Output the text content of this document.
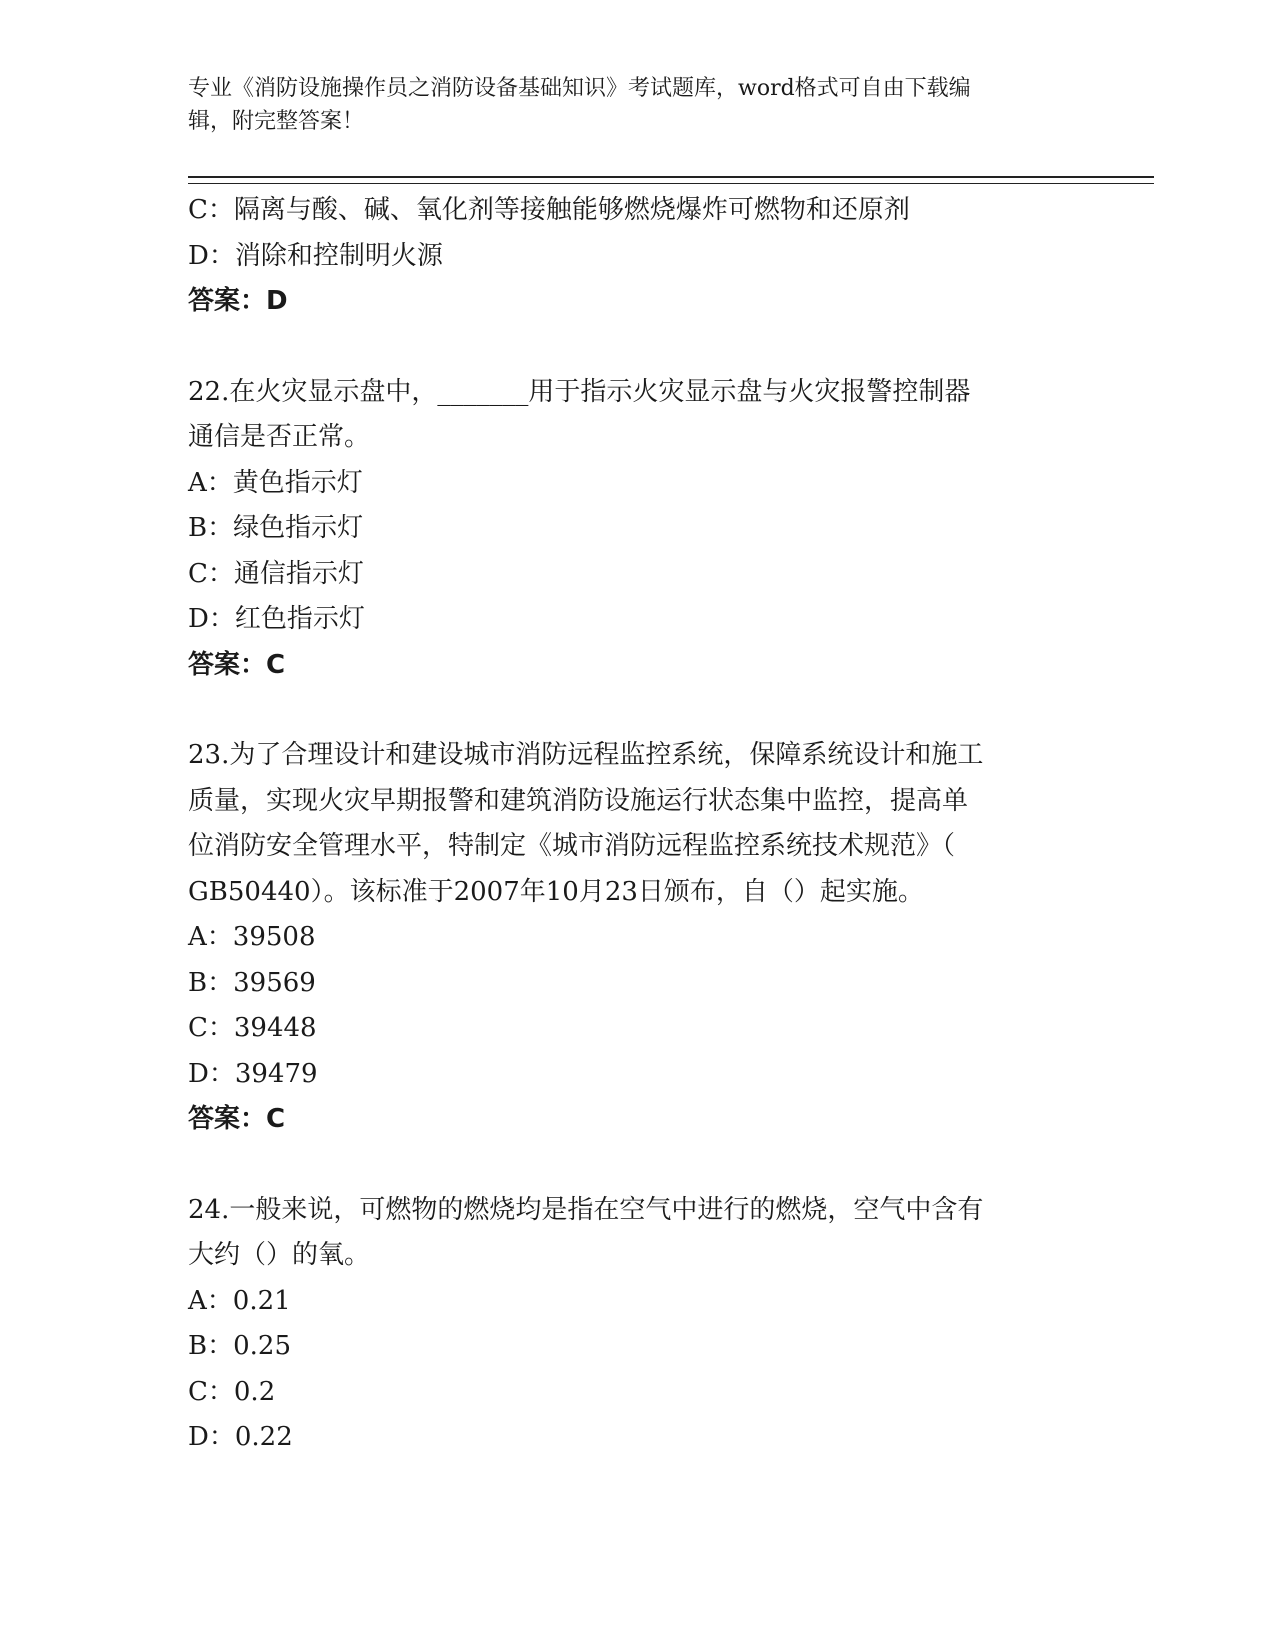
专业《消防设施操作员之消防设备基础知识》考试题库，word格式可自由下载编
辑，附完整答案！
C：隔离与酸、碱、氧化剂等接触能够燃烧爆炸可燃物和还原剂
D：消除和控制明火源
答案：D
22.在火灾显示盘中，_______用于指示火灾显示盘与火灾报警控制器
通信是否正常。
A：黄色指示灯
B：绿色指示灯
C：通信指示灯
D：红色指示灯
答案：C
23.为了合理设计和建设城市消防远程监控系统，保障系统设计和施工
质量，实现火灾早期报警和建筑消防设施运行状态集中监控，提高单
位消防安全管理水平，特制定《城市消防远程监控系统技术规范》（
GB50440）。该标准于2007年10月23日颁布，自（）起实施。
A：39508
B：39569
C：39448
D：39479
答案：C
24.一般来说，可燃物的燃烧均是指在空气中进行的燃烧，空气中含有
大约（）的氧。
A：0.21
B：0.25
C：0.2
D：0.22
